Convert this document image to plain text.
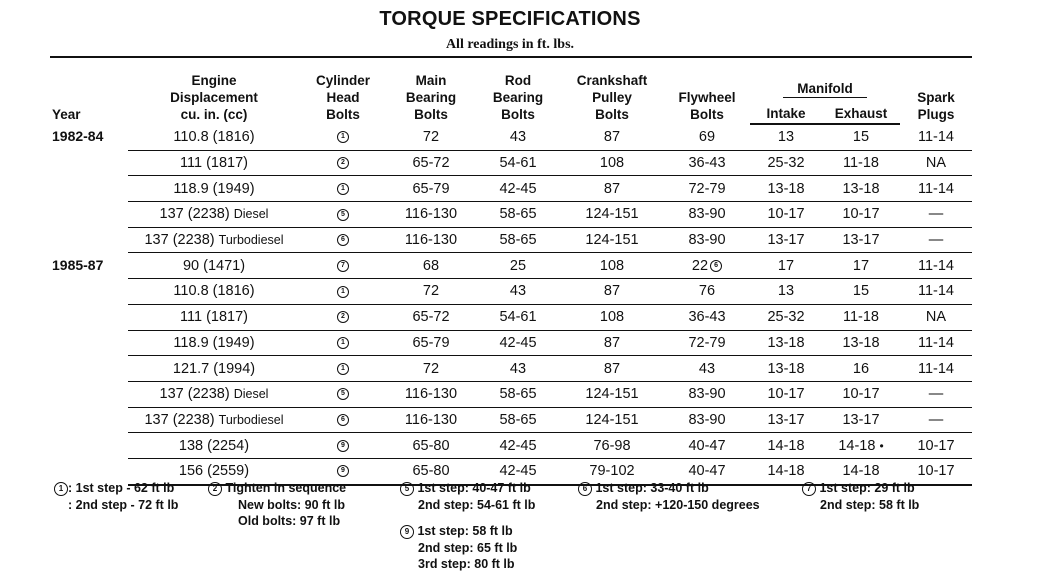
TORQUE SPECIFICATIONS
All readings in ft. lbs.
Year	Engine
Displacement
cu. in. (cc)	Cylinder
Head
Bolts	Main
Bearing
Bolts	Rod
Bearing
Bolts	Crankshaft
Pulley
Bolts	Flywheel
Bolts	Manifold		Spark
Plugs
							Intake	Exhaust	
1982-84	110.8 (1816)	1	72	43	87	69	13	15	11-14
	111 (1817)	2	65-72	54-61	108	36-43	25-32	11-18	NA
	118.9 (1949)	1	65-79	42-45	87	72-79	13-18	13-18	11-14
	137 (2238) Diesel	5	116-130	58-65	124-151	83-90	10-17	10-17	—
	137 (2238) Turbodiesel	6	116-130	58-65	124-151	83-90	13-17	13-17	—
1985-87	90 (1471)	7	68	25	108	22 6	17	17	11-14
	110.8 (1816)	1	72	43	87	76	13	15	11-14
	111 (1817)	2	65-72	54-61	108	36-43	25-32	11-18	NA
	118.9 (1949)	1	65-79	42-45	87	72-79	13-18	13-18	11-14
	121.7 (1994)	1	72	43	87	43	13-18	16	11-14
	137 (2238) Diesel	5	116-130	58-65	124-151	83-90	10-17	10-17	—
	137 (2238) Turbodiesel	6	116-130	58-65	124-151	83-90	13-17	13-17	—
	138 (2254)	9	65-80	42-45	76-98	40-47	14-18	14-18 •	10-17
	156 (2559)	9	65-80	42-45	79-102	40-47	14-18	14-18	10-17
1 : 1st step - 62 ft lb
: 2nd step - 72 ft lb
2 Tighten in sequence
New bolts: 90 ft lb
Old bolts: 97 ft lb
5 1st step: 40-47 ft lb
2nd step: 54-61 ft lb
9 1st step: 58 ft lb
2nd step: 65 ft lb
3rd step: 80 ft lb
6 1st step: 33-40 ft lb
2nd step: +120-150 degrees
7 1st step: 29 ft lb
2nd step: 58 ft lb
